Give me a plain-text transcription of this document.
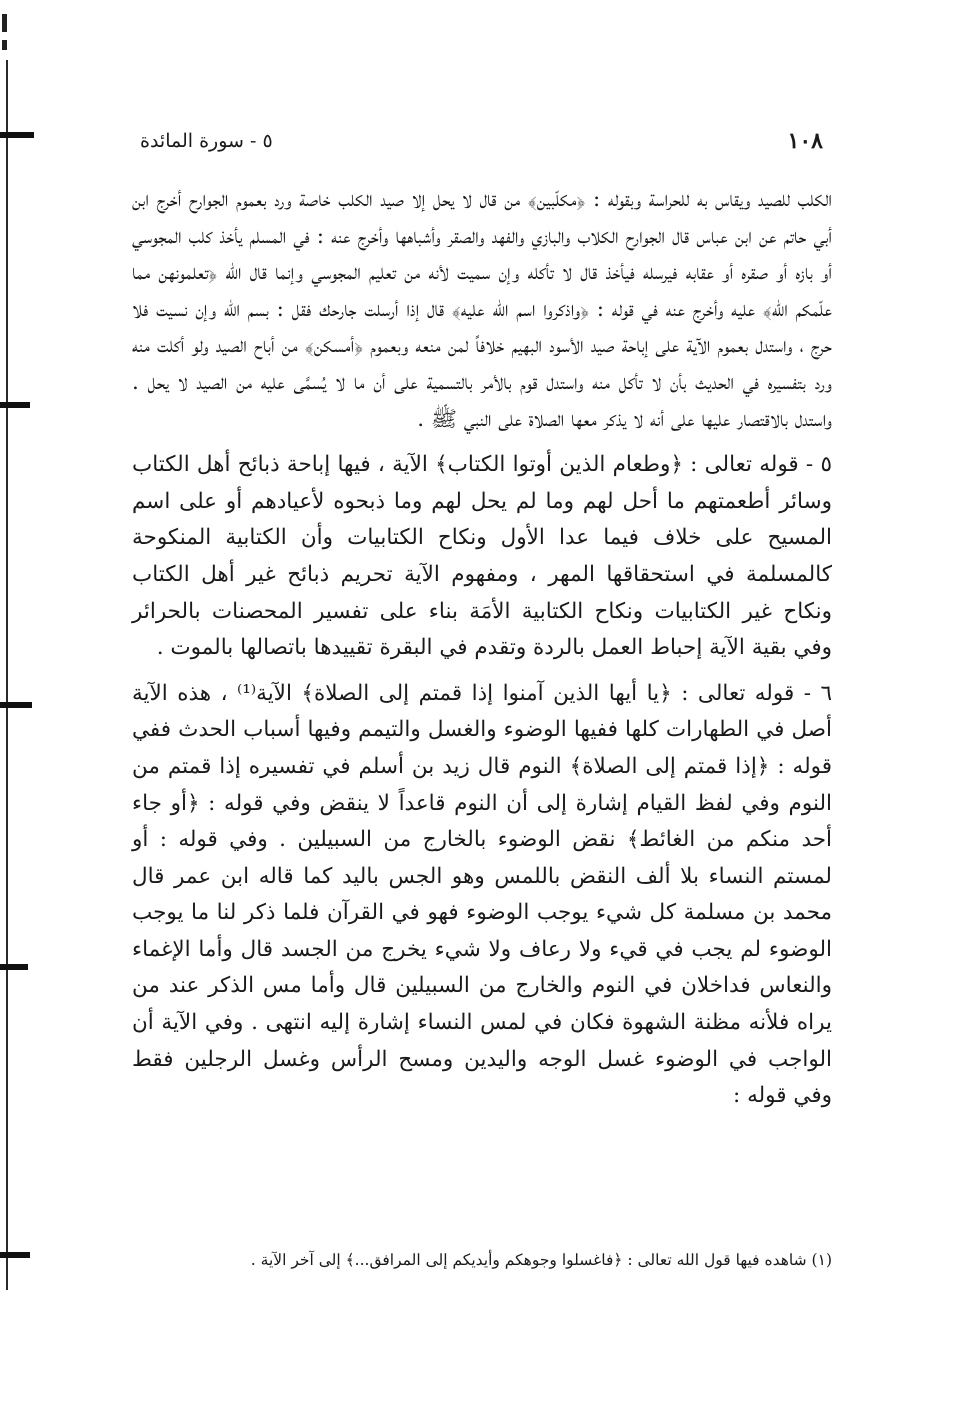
١٠٨
٥ - سورة المائدة

الكلب للصيد ويقاس به للحراسة وبقوله : ﴿مكلّبين﴾ من قال لا يحل إلا صيد الكلب خاصة ورد بعموم الجوارح أخرج ابن أبي حاتم عن ابن عباس قال الجوارح الكلاب والبازي والفهد والصقر وأشباهها وأخرج عنه : في المسلم يأخذ كلب المجوسي أو بازه أو صقره أو عقابه فيرسله فيأخذ قال لا تأكله وإن سميت لأنه من تعليم المجوسي وإنما قال الله ﴿تعلمونهن مما علّمكم الله﴾ عليه وأخرج عنه في قوله : ﴿واذكروا اسم الله عليه﴾ قال إذا أرسلت جارحك فقل : بسم الله وإن نسيت فلا حرج ، واستدل بعموم الآية على إباحة صيد الأسود البهيم خلافاً لمن منعه وبعموم ﴿أمسكن﴾ من أباح الصيد ولو أكلت منه ورد بتفسيره في الحديث بأن لا تأكل منه واستدل قوم بالأمر بالتسمية على أن ما لا يُسمَّى عليه من الصيد لا يحل . واستدل بالاقتصار عليها على أنه لا يذكر معها الصلاة على النبي ﷺ .

٥ - قوله تعالى : ﴿وطعام الذين أوتوا الكتاب﴾ الآية ، فيها إباحة ذبائح أهل الكتاب وسائر أطعمتهم ما أحل لهم وما لم يحل لهم وما ذبحوه لأعيادهم أو على اسم المسيح على خلاف فيما عدا الأول ونكاح الكتابيات وأن الكتابية المنكوحة كالمسلمة في استحقاقها المهر ، ومفهوم الآية تحريم ذبائح غير أهل الكتاب ونكاح غير الكتابيات ونكاح الكتابية الأمَة بناء على تفسير المحصنات بالحرائر وفي بقية الآية إحباط العمل بالردة وتقدم في البقرة تقييدها باتصالها بالموت .

٦ - قوله تعالى : ﴿يا أيها الذين آمنوا إذا قمتم إلى الصلاة﴾ الآية⁽¹⁾ ، هذه الآية أصل في الطهارات كلها ففيها الوضوء والغسل والتيمم وفيها أسباب الحدث ففي قوله : ﴿إذا قمتم إلى الصلاة﴾ النوم قال زيد بن أسلم في تفسيره إذا قمتم من النوم وفي لفظ القيام إشارة إلى أن النوم قاعداً لا ينقض وفي قوله : ﴿أو جاء أحد منكم من الغائط﴾ نقض الوضوء بالخارج من السبيلين . وفي قوله : أو لمستم النساء بلا ألف النقض باللمس وهو الجس باليد كما قاله ابن عمر قال محمد بن مسلمة كل شيء يوجب الوضوء فهو في القرآن فلما ذكر لنا ما يوجب الوضوء لم يجب في قيء ولا رعاف ولا شيء يخرج من الجسد قال وأما الإغماء والنعاس فداخلان في النوم والخارج من السبيلين قال وأما مس الذكر عند من يراه فلأنه مظنة الشهوة فكان في لمس النساء إشارة إليه انتهى . وفي الآية أن الواجب في الوضوء غسل الوجه واليدين ومسح الرأس وغسل الرجلين فقط وفي قوله :

(١) شاهده فيها قول الله تعالى : ﴿فاغسلوا وجوهكم وأيديكم إلى المرافق...﴾ إلى آخر الآية .
